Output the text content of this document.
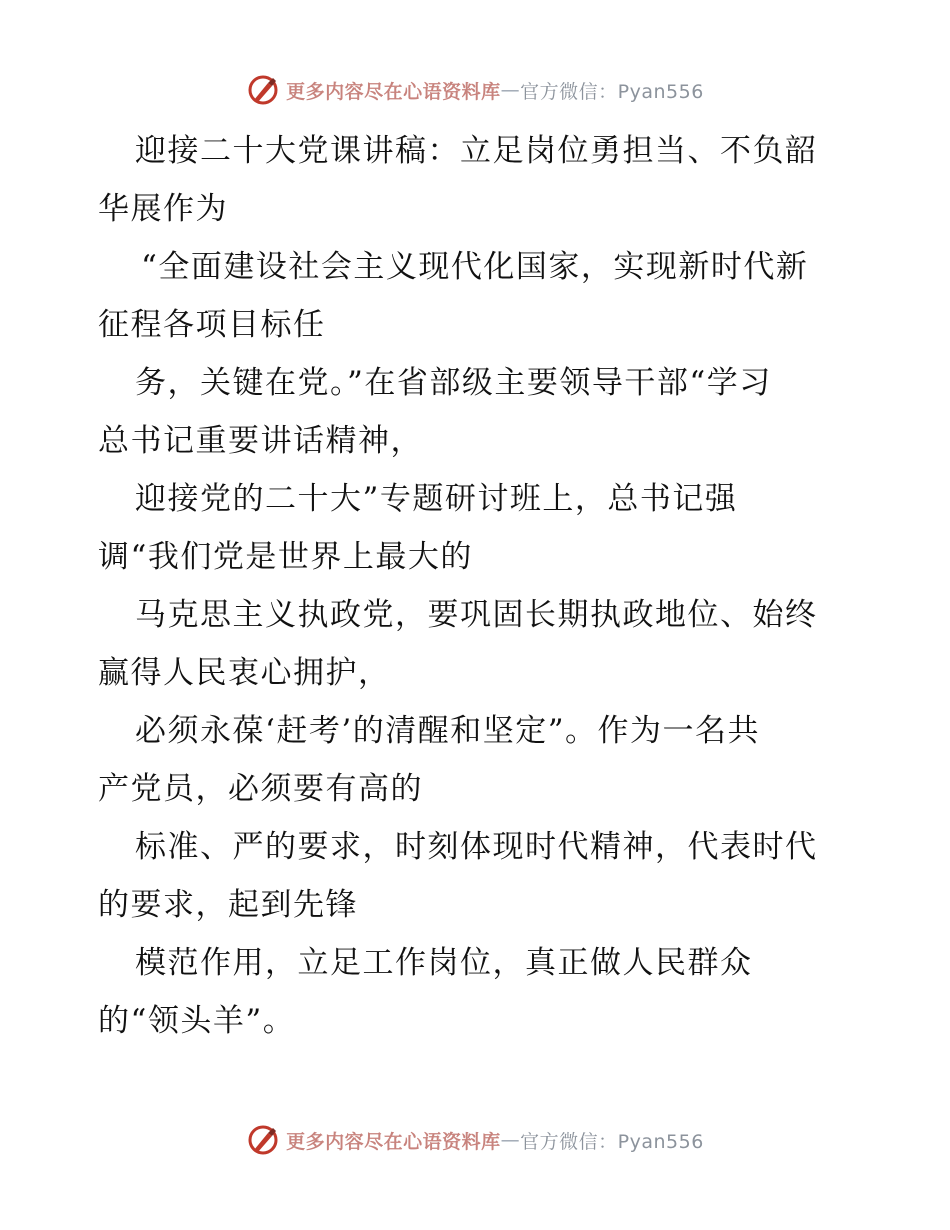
更多内容尽在心语资料库 — 官方微信：Pyan556
迎接二十大党课讲稿：立足岗位勇担当、不负韶
华展作为
“全面建设社会主义现代化国家，实现新时代新
征程各项目标任
务，关键在党。”在省部级主要领导干部“学习
总书记重要讲话精神，
迎接党的二十大”专题研讨班上，总书记强
调“我们党是世界上最大的
马克思主义执政党，要巩固长期执政地位、始终
赢得人民衷心拥护，
必须永葆‘赶考’的清醒和坚定”。作为一名共
产党员，必须要有高的
标准、严的要求，时刻体现时代精神，代表时代
的要求，起到先锋
模范作用，立足工作岗位，真正做人民群众
的“领头羊”。
更多内容尽在心语资料库 — 官方微信：Pyan556
